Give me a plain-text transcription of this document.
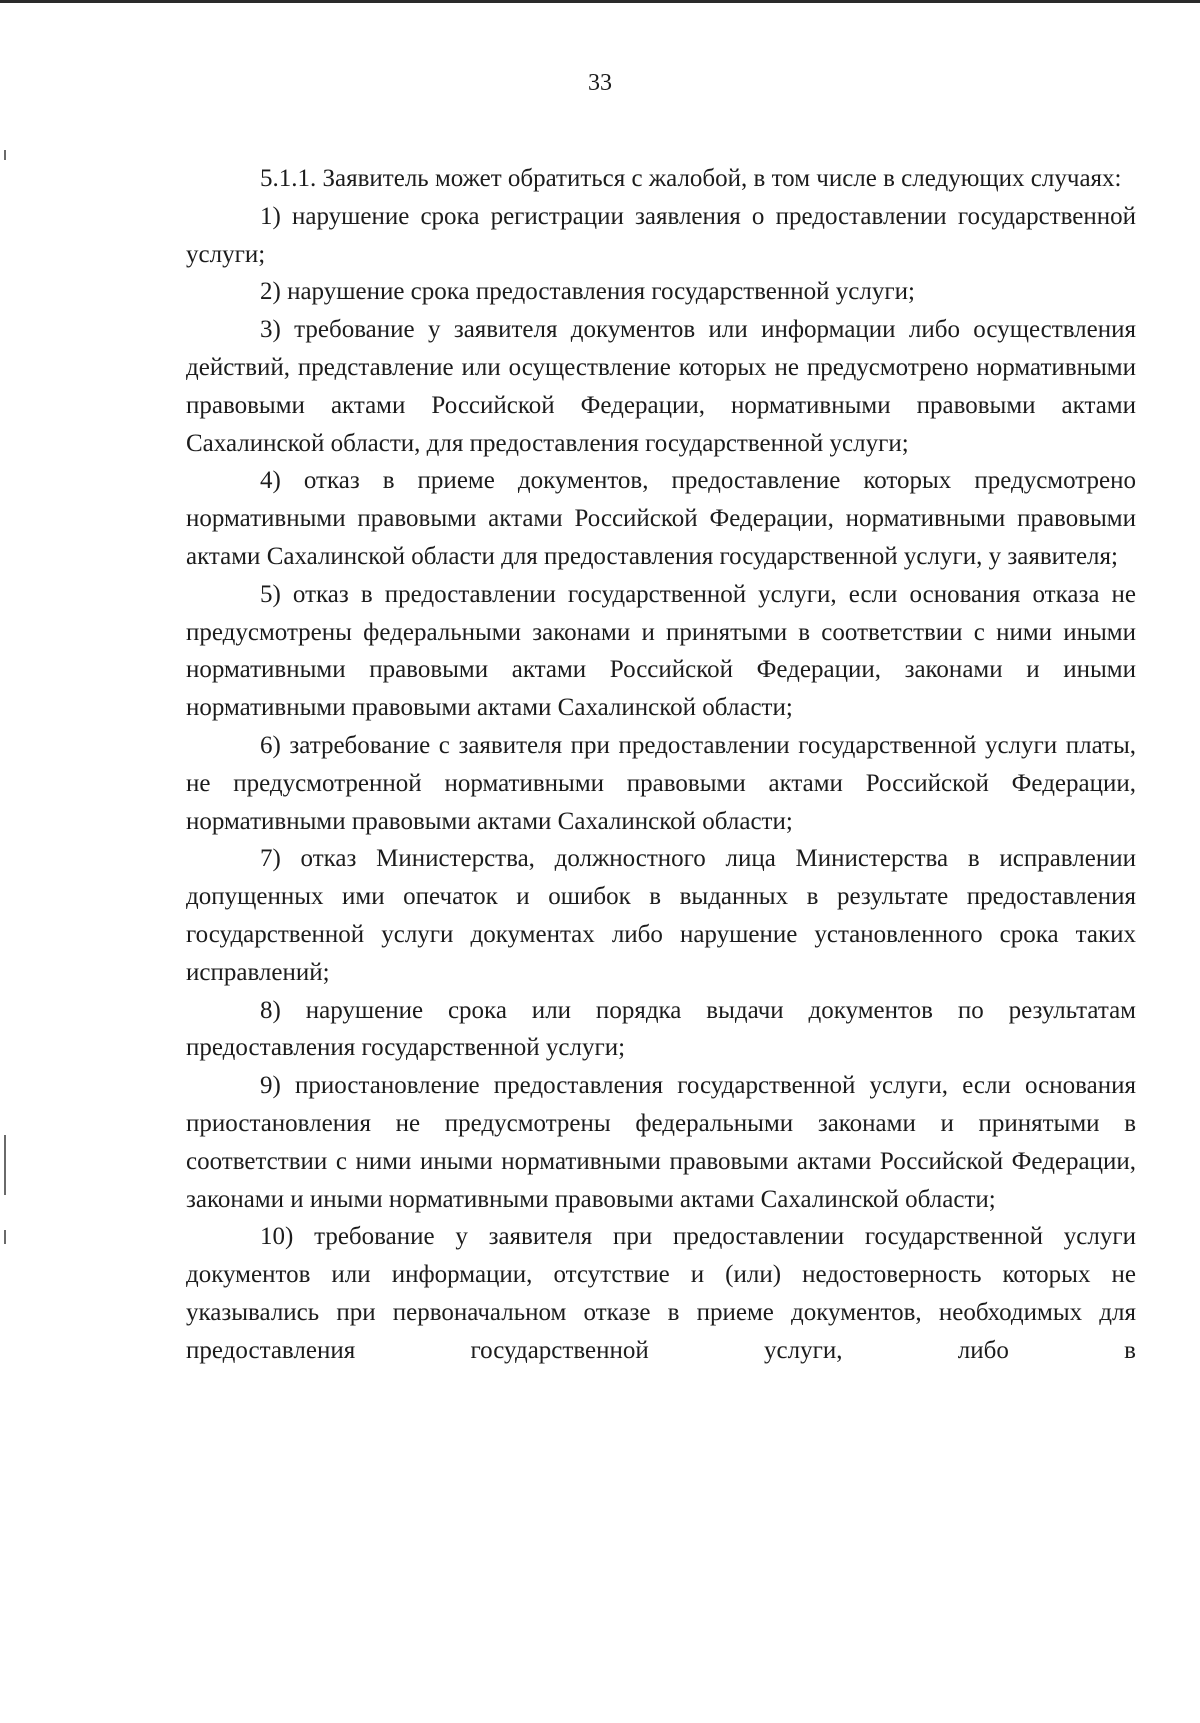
33

5.1.1. Заявитель может обратиться с жалобой, в том числе в следующих случаях:

1) нарушение срока регистрации заявления о предоставлении государственной услуги;

2) нарушение срока предоставления государственной услуги;

3) требование у заявителя документов или информации либо осуществления действий, представление или осуществление которых не предусмотрено нормативными правовыми актами Российской Федерации, нормативными правовыми актами Сахалинской области, для предоставления государственной услуги;

4) отказ в приеме документов, предоставление которых предусмотрено нормативными правовыми актами Российской Федерации, нормативными правовыми актами Сахалинской области для предоставления государственной услуги, у заявителя;

5) отказ в предоставлении государственной услуги, если основания отказа не предусмотрены федеральными законами и принятыми в соответствии с ними иными нормативными правовыми актами Российской Федерации, законами и иными нормативными правовыми актами Сахалинской области;

6) затребование с заявителя при предоставлении государственной услуги платы, не предусмотренной нормативными правовыми актами Российской Федерации, нормативными правовыми актами Сахалинской области;

7) отказ Министерства, должностного лица Министерства в исправлении допущенных ими опечаток и ошибок в выданных в результате предоставления государственной услуги документах либо нарушение установленного срока таких исправлений;

8) нарушение срока или порядка выдачи документов по результатам предоставления государственной услуги;

9) приостановление предоставления государственной услуги, если основания приостановления не предусмотрены федеральными законами и принятыми в соответствии с ними иными нормативными правовыми актами Российской Федерации, законами и иными нормативными правовыми актами Сахалинской области;

10) требование у заявителя при предоставлении государственной услуги документов или информации, отсутствие и (или) недостоверность которых не указывались при первоначальном отказе в приеме документов, необходимых для предоставления государственной услуги, либо в
